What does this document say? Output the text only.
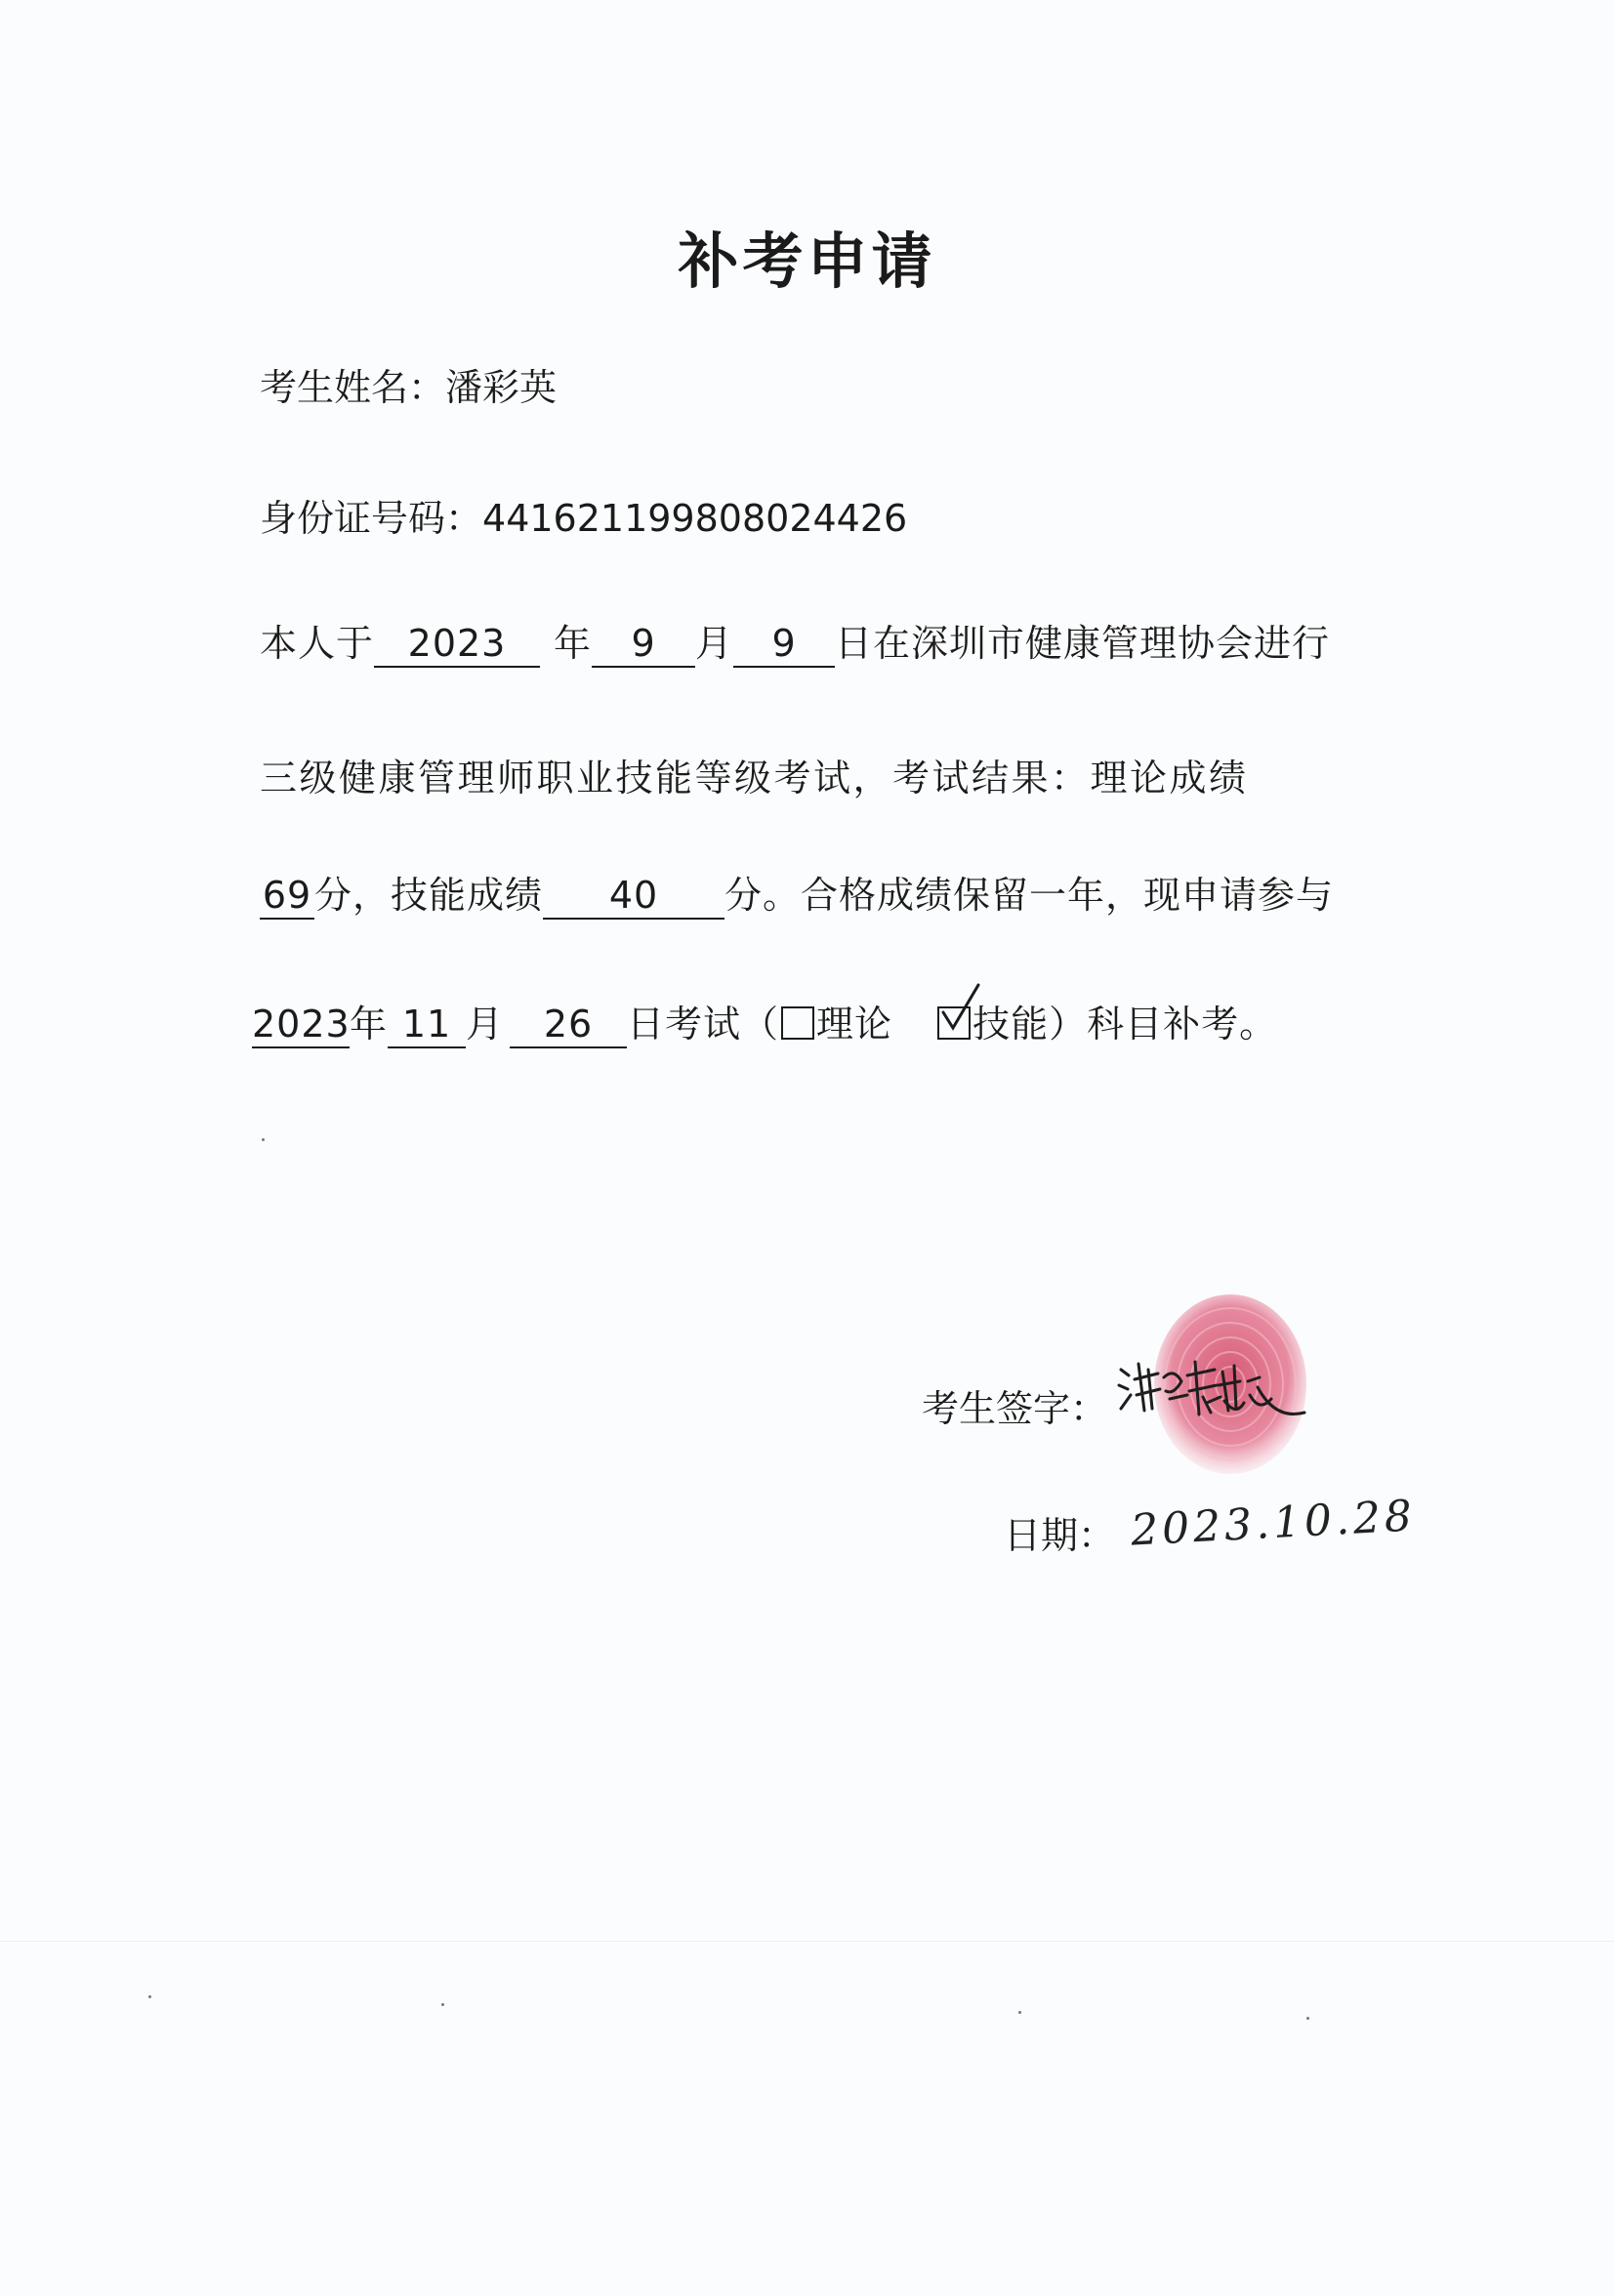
补考申请
考生姓名：潘彩英
身份证号码：441621199808024426
本人于 2023 年 9 月 9 日在深圳市健康管理协会进行
三级健康管理师职业技能等级考试，考试结果：理论成绩
69分，技能成绩 40 分。合格成绩保留一年，现申请参与
2023年 11 月 26 日考试（ 理论 技能）科目补考。
考生签字：
日期： 2023.10.28
